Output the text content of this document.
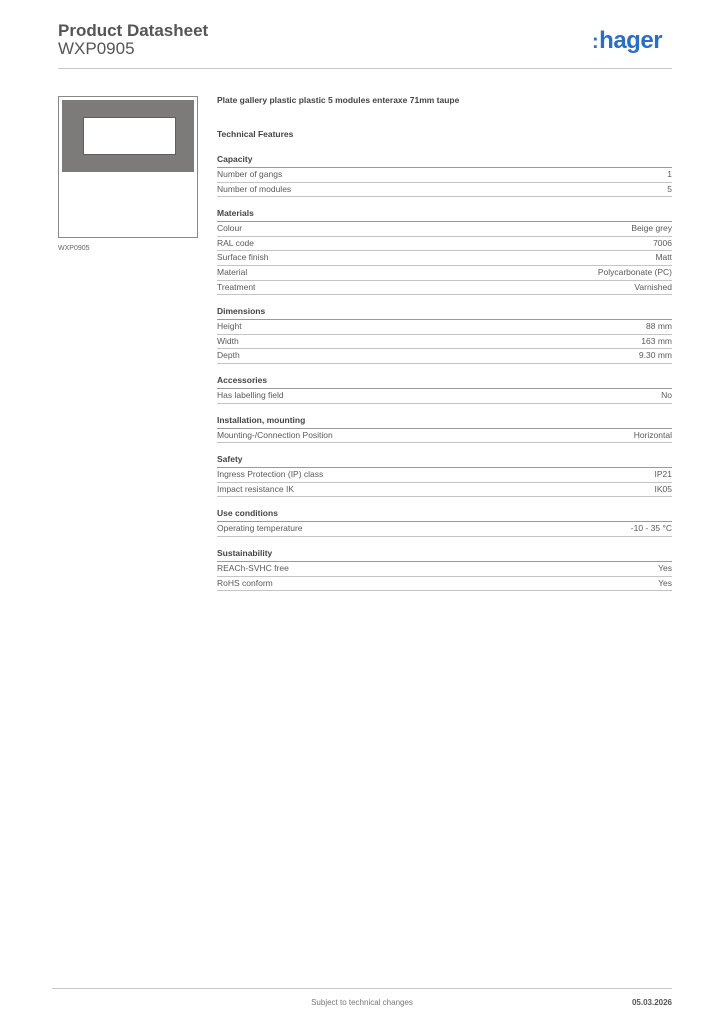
Product Datasheet
WXP0905	:hager
WXP0905
Plate gallery plastic plastic 5 modules enteraxe 71mm taupe
Technical Features
Capacity
Number of gangs	1
Number of modules	5
Materials
Colour	Beige grey
RAL code	7006
Surface finish	Matt
Material	Polycarbonate (PC)
Treatment	Varnished
Dimensions
Height	88 mm
Width	163 mm
Depth	9.30 mm
Accessories
Has labelling field	No
Installation, mounting
Mounting-/Connection Position	Horizontal
Safety
Ingress Protection (IP) class	IP21
Impact resistance IK	IK05
Use conditions
Operating temperature	-10 - 35 °C
Sustainability
REACh-SVHC free	Yes
RoHS conform	Yes
Subject to technical changes	05.03.2026
